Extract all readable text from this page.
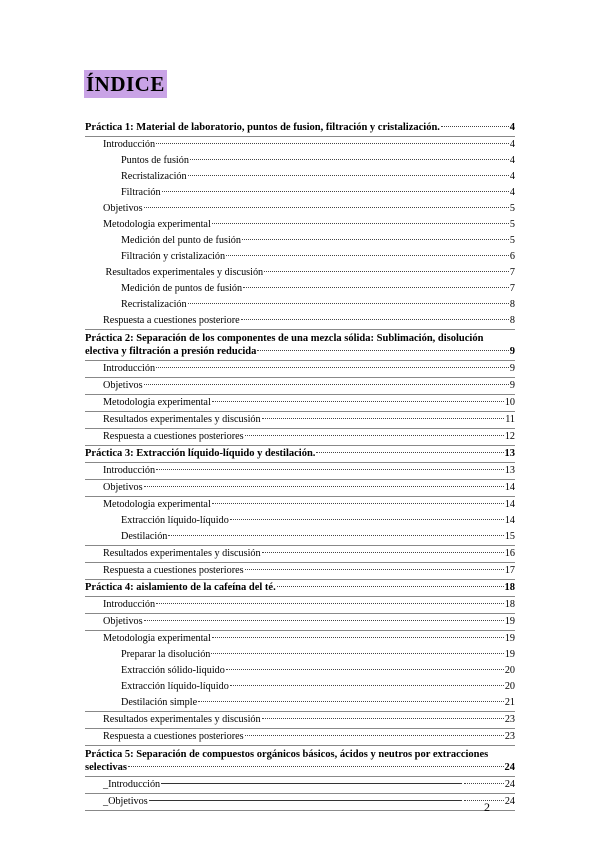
ÍNDICE
Práctica 1: Material de laboratorio, puntos de fusion, filtración y cristalización.	4
Introducción	4
Puntos de fusión	4
Recristalización	4
Filtración	4
Objetivos	5
Metodologia experimental	5
Medición del punto de fusión	5
Filtración y cristalización	6
Resultados experimentales y discusión	7
Medición de puntos de fusión	7
Recristalización	8
Respuesta a cuestiones posteriore	8
Práctica 2: Separación de los componentes de una mezcla sólida: Sublimación, disolución
electiva y filtración a presión reducida	9
Introducción	9
Objetivos	9
Metodologia experimental	10
Resultados experimentales y discusión	11
Respuesta a cuestiones posteriores	12
Práctica 3: Extracción líquido-líquido y destilación.	13
Introducción	13
Objetivos	14
Metodologia experimental	14
Extracción líquido-líquido	14
Destilación	15
Resultados experimentales y discusión	16
Respuesta a cuestiones posteriores	17
Práctica 4: aislamiento de la cafeína del té.	18
Introducción	18
Objetivos	19
Metodologia experimental	19
Preparar la disolución	19
Extracción sólido-liquido	20
Extracción líquido-líquido	20
Destilación simple	21
Resultados experimentales y discusión	23
Respuesta a cuestiones posteriores	23
Práctica 5: Separación de compuestos orgánicos básicos, ácidos y neutros por extracciones
selectivas	24
_Introducción	24
_Objetivos	24
2
